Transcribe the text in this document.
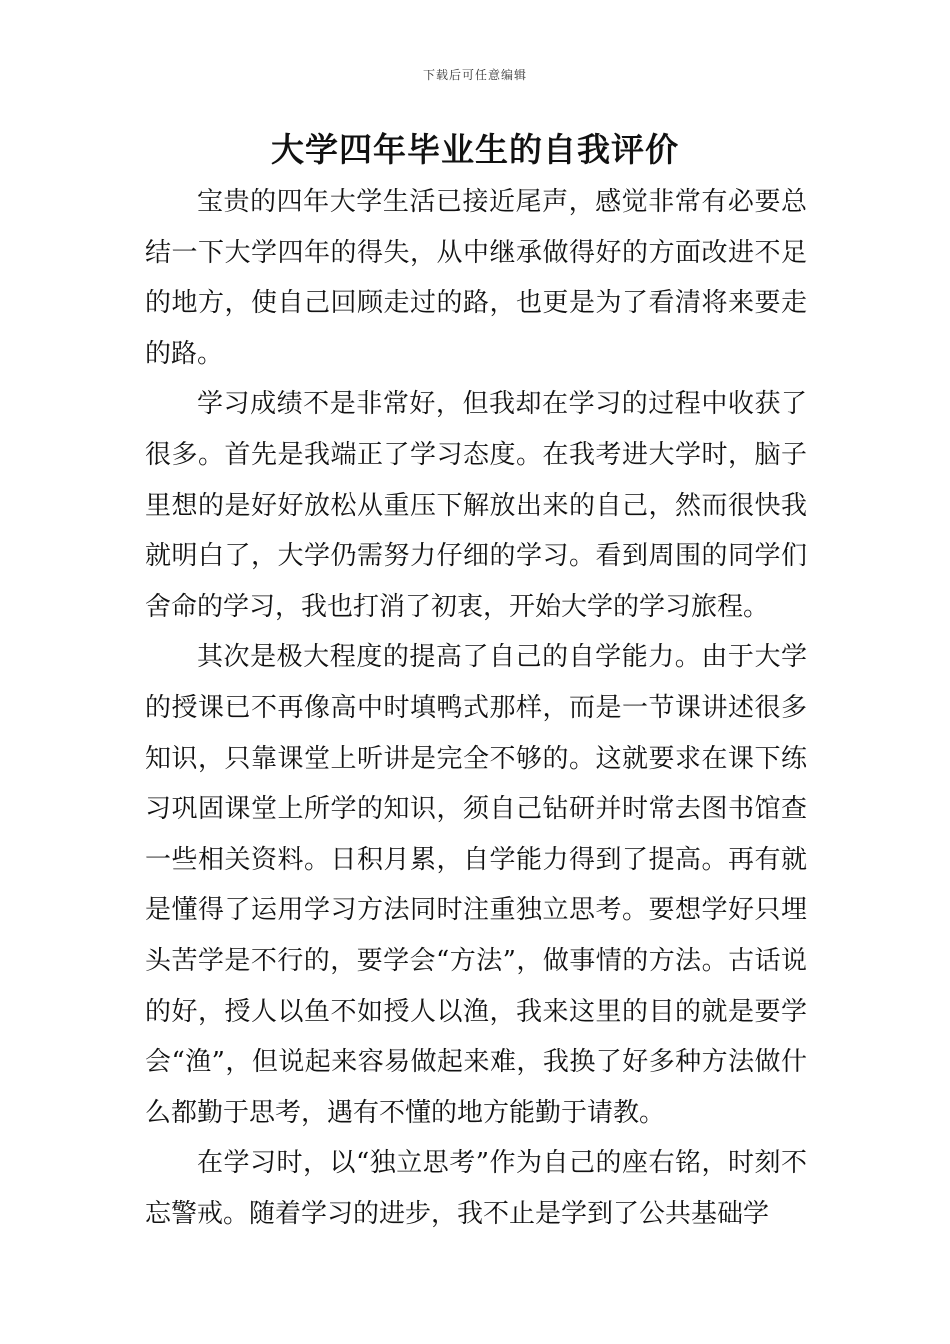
下载后可任意编辑
大学四年毕业生的自我评价

宝贵的四年大学生活已接近尾声，感觉非常有必要总结一下大学四年的得失，从中继承做得好的方面改进不足的地方，使自己回顾走过的路，也更是为了看清将来要走的路。

学习成绩不是非常好，但我却在学习的过程中收获了很多。首先是我端正了学习态度。在我考进大学时，脑子里想的是好好放松从重压下解放出来的自己，然而很快我就明白了，大学仍需努力仔细的学习。看到周围的同学们舍命的学习，我也打消了初衷，开始大学的学习旅程。

其次是极大程度的提高了自己的自学能力。由于大学的授课已不再像高中时填鸭式那样，而是一节课讲述很多知识，只靠课堂上听讲是完全不够的。这就要求在课下练习巩固课堂上所学的知识，须自己钻研并时常去图书馆查一些相关资料。日积月累，自学能力得到了提高。再有就是懂得了运用学习方法同时注重独立思考。要想学好只埋头苦学是不行的，要学会“方法”，做事情的方法。古话说的好，授人以鱼不如授人以渔，我来这里的目的就是要学会“渔”，但说起来容易做起来难，我换了好多种方法做什么都勤于思考，遇有不懂的地方能勤于请教。

在学习时，以“独立思考”作为自己的座右铭，时刻不忘警戒。随着学习的进步，我不止是学到了公共基础学
